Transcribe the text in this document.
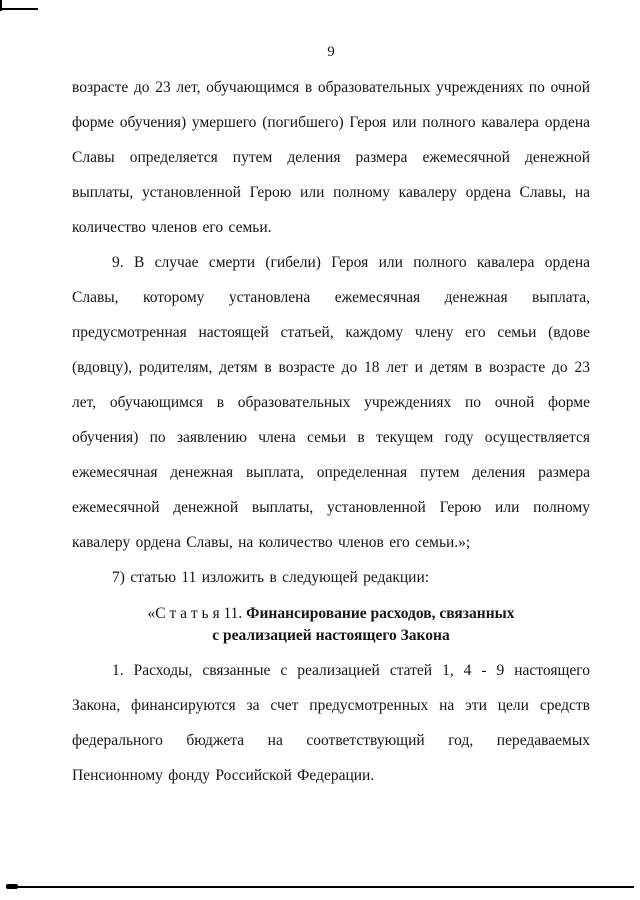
9

возрасте до 23 лет, обучающимся в образовательных учреждениях по очной форме обучения) умершего (погибшего) Героя или полного кавалера ордена Славы определяется путем деления размера ежемесячной денежной выплаты, установленной Герою или полному кавалеру ордена Славы, на количество членов его семьи.

9. В случае смерти (гибели) Героя или полного кавалера ордена Славы, которому установлена ежемесячная денежная выплата, предусмотренная настоящей статьей, каждому члену его семьи (вдове (вдовцу), родителям, детям в возрасте до 18 лет и детям в возрасте до 23 лет, обучающимся в образовательных учреждениях по очной форме обучения) по заявлению члена семьи в текущем году осуществляется ежемесячная денежная выплата, определенная путем деления размера ежемесячной денежной выплаты, установленной Герою или полному кавалеру ордена Славы, на количество членов его семьи.»;

7) статью 11 изложить в следующей редакции:

«С т а т ь я 11. Финансирование расходов, связанных
с реализацией настоящего Закона

1. Расходы, связанные с реализацией статей 1, 4 - 9 настоящего Закона, финансируются за счет предусмотренных на эти цели средств федерального бюджета на соответствующий год, передаваемых Пенсионному фонду Российской Федерации.
